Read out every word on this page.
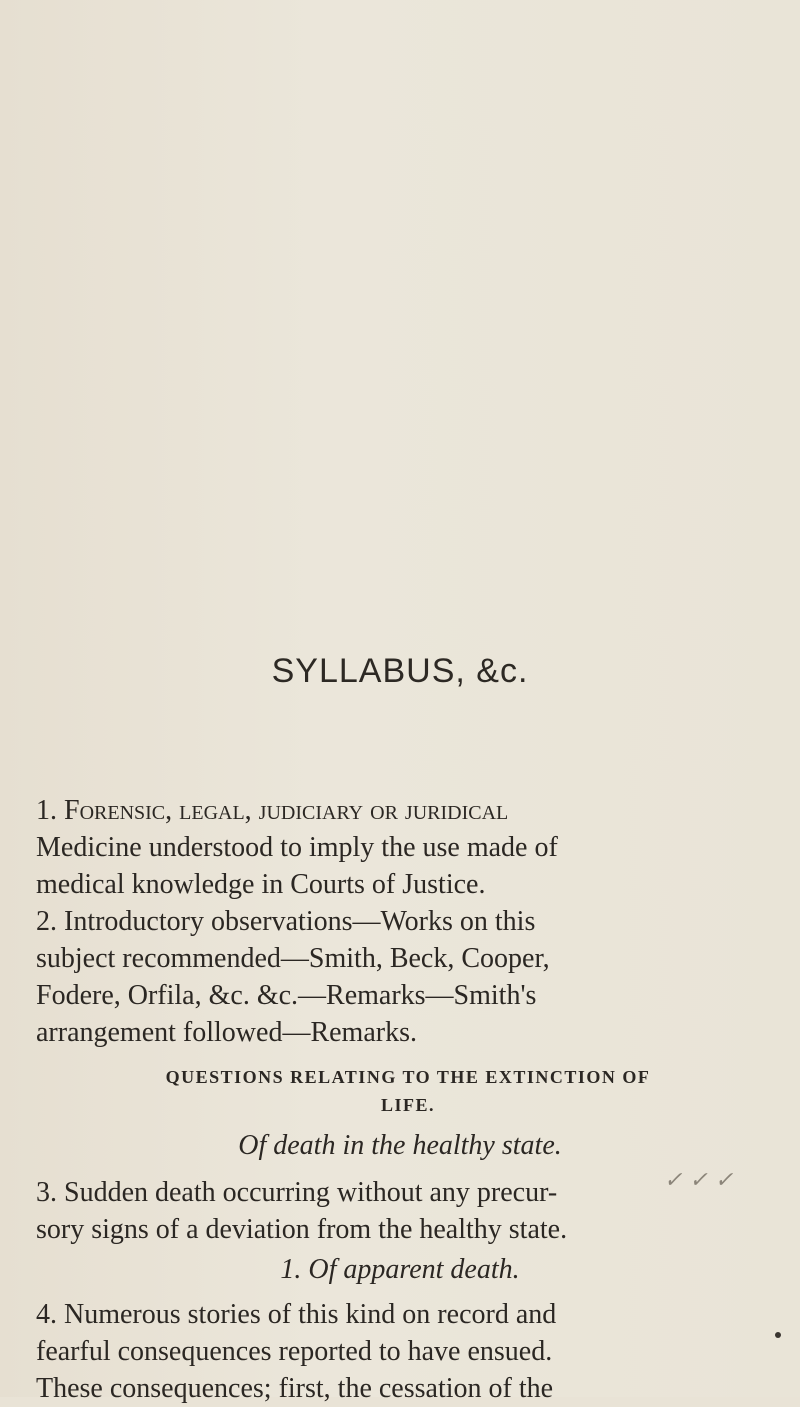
SYLLABUS, &c.
1. Forensic, legal, judiciary or juridical
Medicine understood to imply the use made of
medical knowledge in Courts of Justice.
2. Introductory observations—Works on this
subject recommended—Smith, Beck, Cooper,
Fodere, Orfila, &c. &c.—Remarks—Smith's
arrangement followed—Remarks.
QUESTIONS RELATING TO THE EXTINCTION OF
LIFE.
Of death in the healthy state.
3. Sudden death occurring without any precur-
sory signs of a deviation from the healthy state.
1. Of apparent death.
4. Numerous stories of this kind on record and
fearful consequences reported to have ensued.
These consequences; first, the cessation of the
✓ ✓ ✓
